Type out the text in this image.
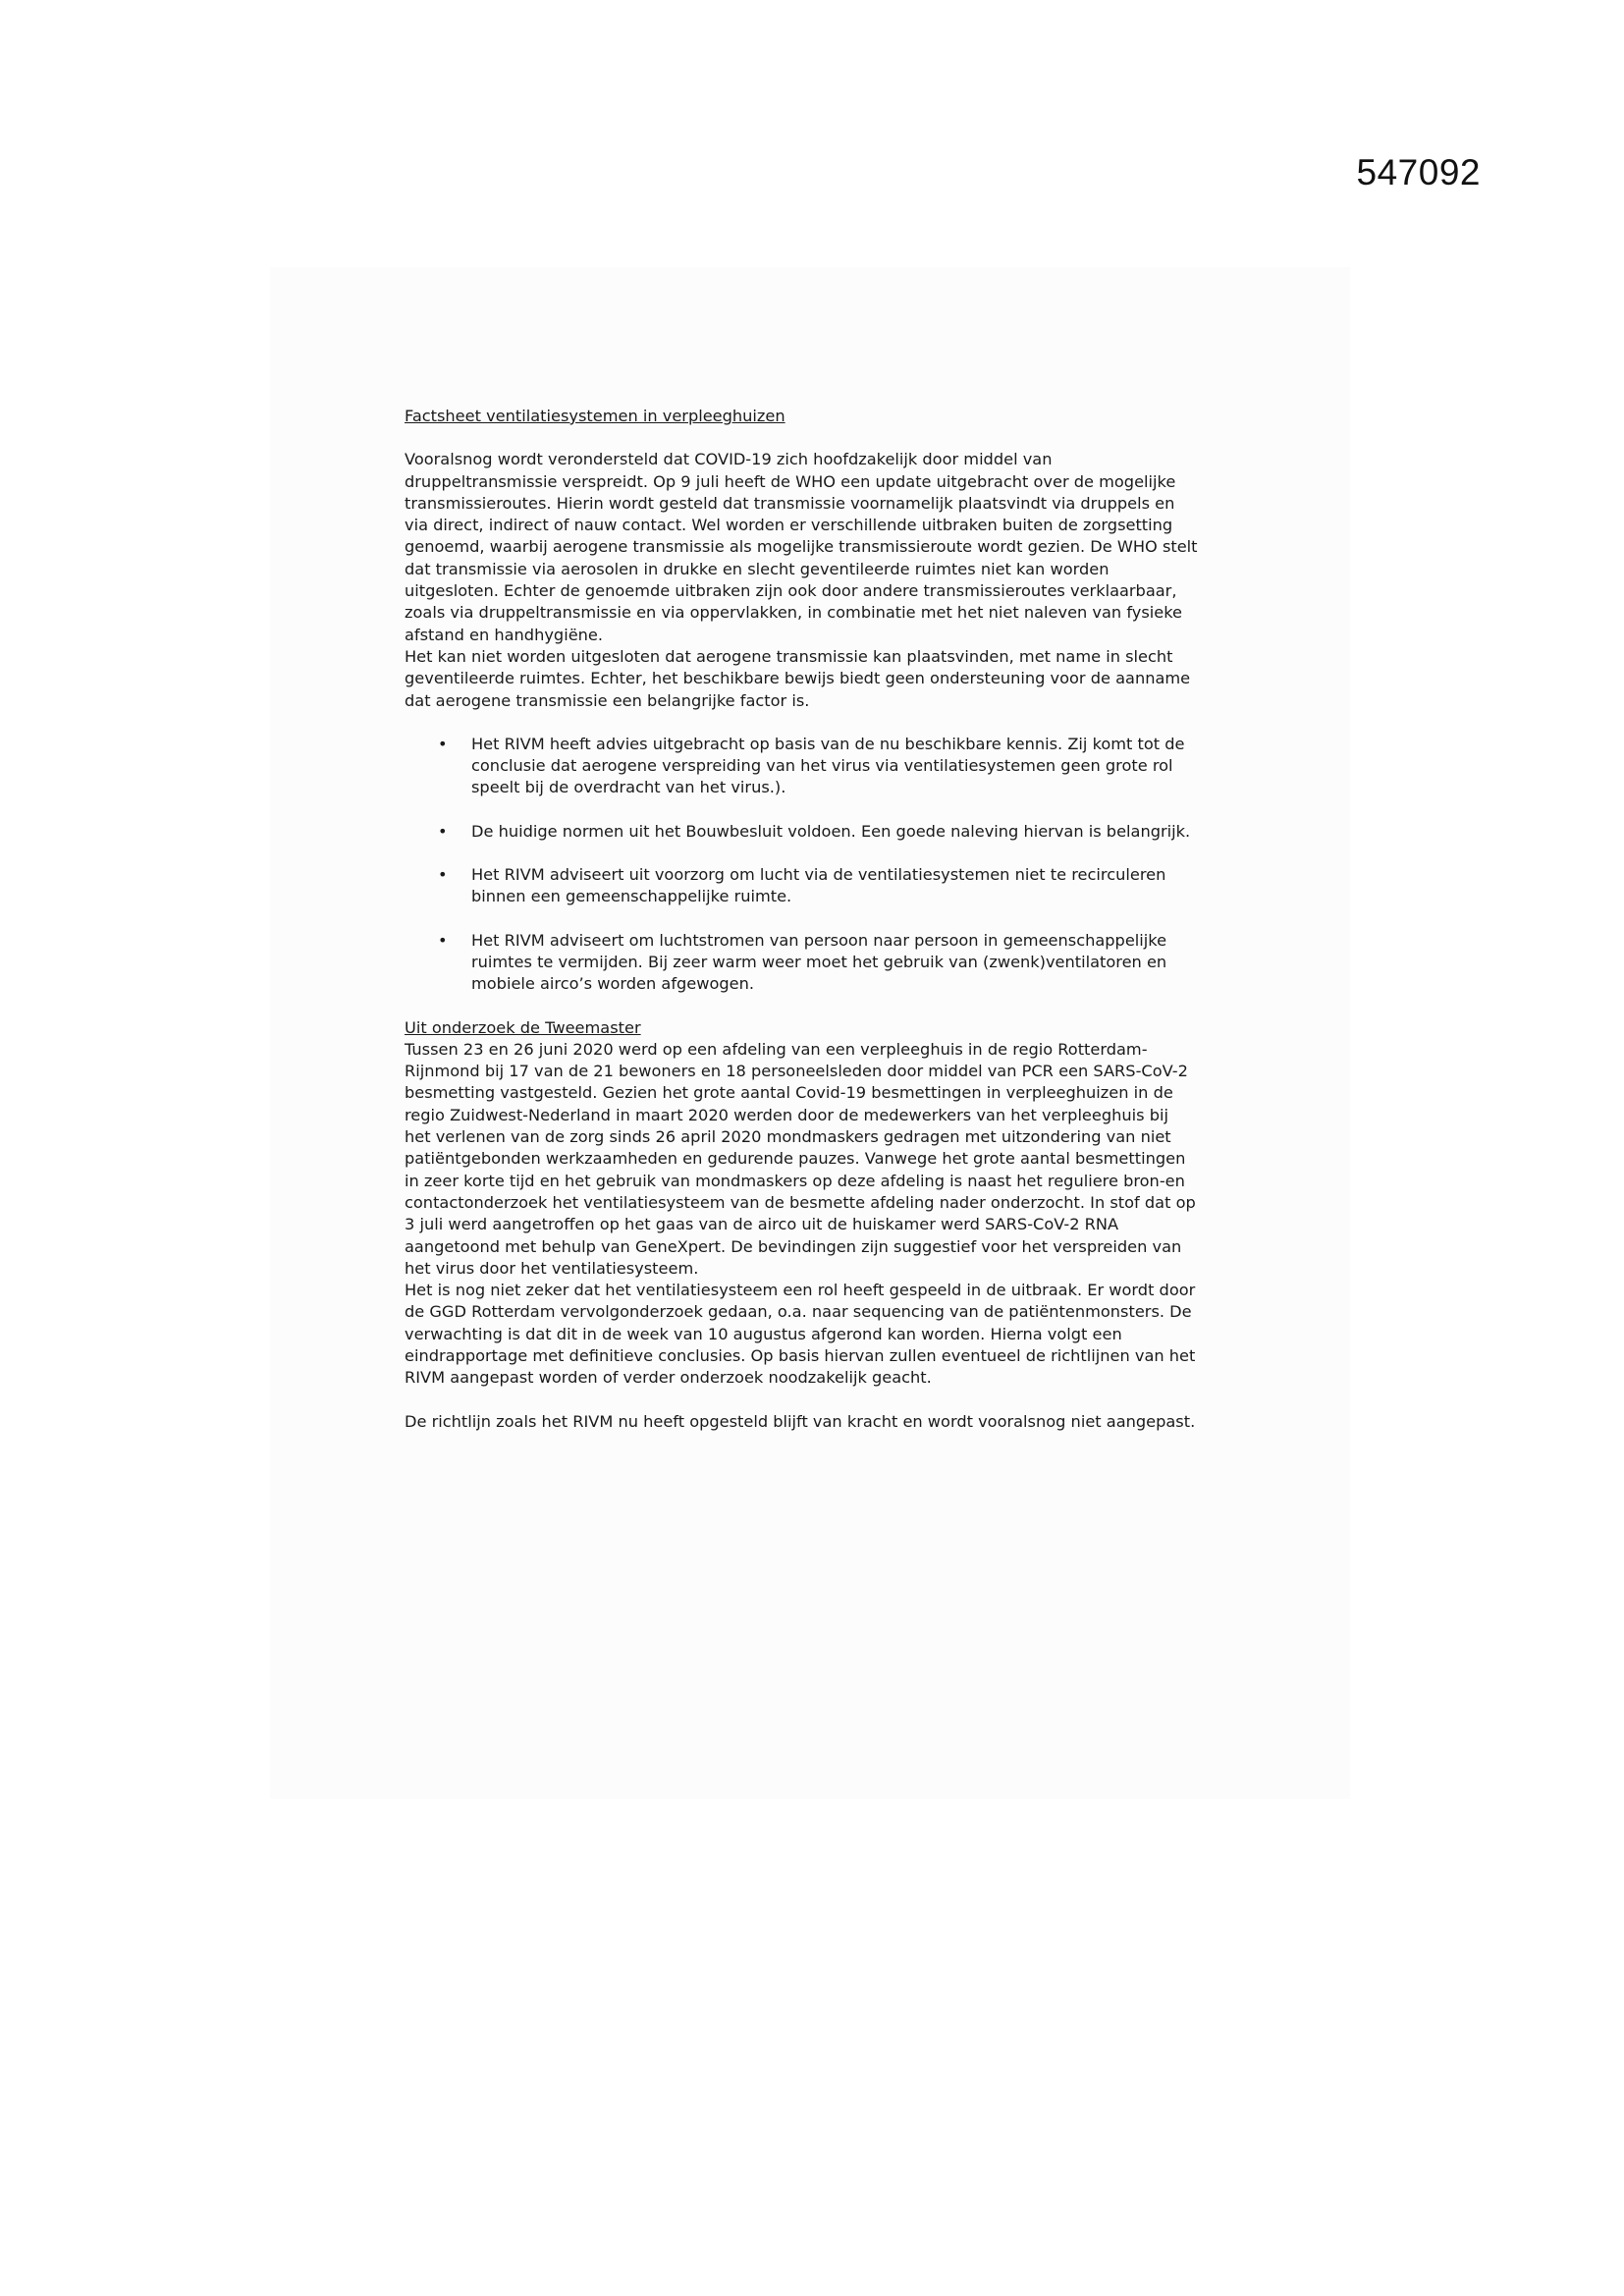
547092

Factsheet ventilatiesystemen in verpleeghuizen

Vooralsnog wordt verondersteld dat COVID-19 zich hoofdzakelijk door middel van
druppeltransmissie verspreidt. Op 9 juli heeft de WHO een update uitgebracht over de mogelijke
transmissieroutes. Hierin wordt gesteld dat transmissie voornamelijk plaatsvindt via druppels en
via direct, indirect of nauw contact. Wel worden er verschillende uitbraken buiten de zorgsetting
genoemd, waarbij aerogene transmissie als mogelijke transmissieroute wordt gezien. De WHO stelt
dat transmissie via aerosolen in drukke en slecht geventileerde ruimtes niet kan worden
uitgesloten. Echter de genoemde uitbraken zijn ook door andere transmissieroutes verklaarbaar,
zoals via druppeltransmissie en via oppervlakken, in combinatie met het niet naleven van fysieke
afstand en handhygiëne.

Het kan niet worden uitgesloten dat aerogene transmissie kan plaatsvinden, met name in slecht
geventileerde ruimtes. Echter, het beschikbare bewijs biedt geen ondersteuning voor de aanname
dat aerogene transmissie een belangrijke factor is.

• Het RIVM heeft advies uitgebracht op basis van de nu beschikbare kennis. Zij komt tot de
conclusie dat aerogene verspreiding van het virus via ventilatiesystemen geen grote rol
speelt bij de overdracht van het virus.).
• De huidige normen uit het Bouwbesluit voldoen. Een goede naleving hiervan is belangrijk.
• Het RIVM adviseert uit voorzorg om lucht via de ventilatiesystemen niet te recirculeren
binnen een gemeenschappelijke ruimte.
• Het RIVM adviseert om luchtstromen van persoon naar persoon in gemeenschappelijke
ruimtes te vermijden. Bij zeer warm weer moet het gebruik van (zwenk)ventilatoren en
mobiele airco’s worden afgewogen.

Uit onderzoek de Tweemaster

Tussen 23 en 26 juni 2020 werd op een afdeling van een verpleeghuis in de regio Rotterdam-
Rijnmond bij 17 van de 21 bewoners en 18 personeelsleden door middel van PCR een SARS-CoV-2
besmetting vastgesteld. Gezien het grote aantal Covid-19 besmettingen in verpleeghuizen in de
regio Zuidwest-Nederland in maart 2020 werden door de medewerkers van het verpleeghuis bij
het verlenen van de zorg sinds 26 april 2020 mondmaskers gedragen met uitzondering van niet
patiëntgebonden werkzaamheden en gedurende pauzes. Vanwege het grote aantal besmettingen
in zeer korte tijd en het gebruik van mondmaskers op deze afdeling is naast het reguliere bron-en
contactonderzoek het ventilatiesysteem van de besmette afdeling nader onderzocht. In stof dat op
3 juli werd aangetroffen op het gaas van de airco uit de huiskamer werd SARS-CoV-2 RNA
aangetoond met behulp van GeneXpert. De bevindingen zijn suggestief voor het verspreiden van
het virus door het ventilatiesysteem.

Het is nog niet zeker dat het ventilatiesysteem een rol heeft gespeeld in de uitbraak. Er wordt door
de GGD Rotterdam vervolgonderzoek gedaan, o.a. naar sequencing van de patiëntenmonsters. De
verwachting is dat dit in de week van 10 augustus afgerond kan worden. Hierna volgt een
eindrapportage met definitieve conclusies. Op basis hiervan zullen eventueel de richtlijnen van het
RIVM aangepast worden of verder onderzoek noodzakelijk geacht.

De richtlijn zoals het RIVM nu heeft opgesteld blijft van kracht en wordt vooralsnog niet aangepast.
